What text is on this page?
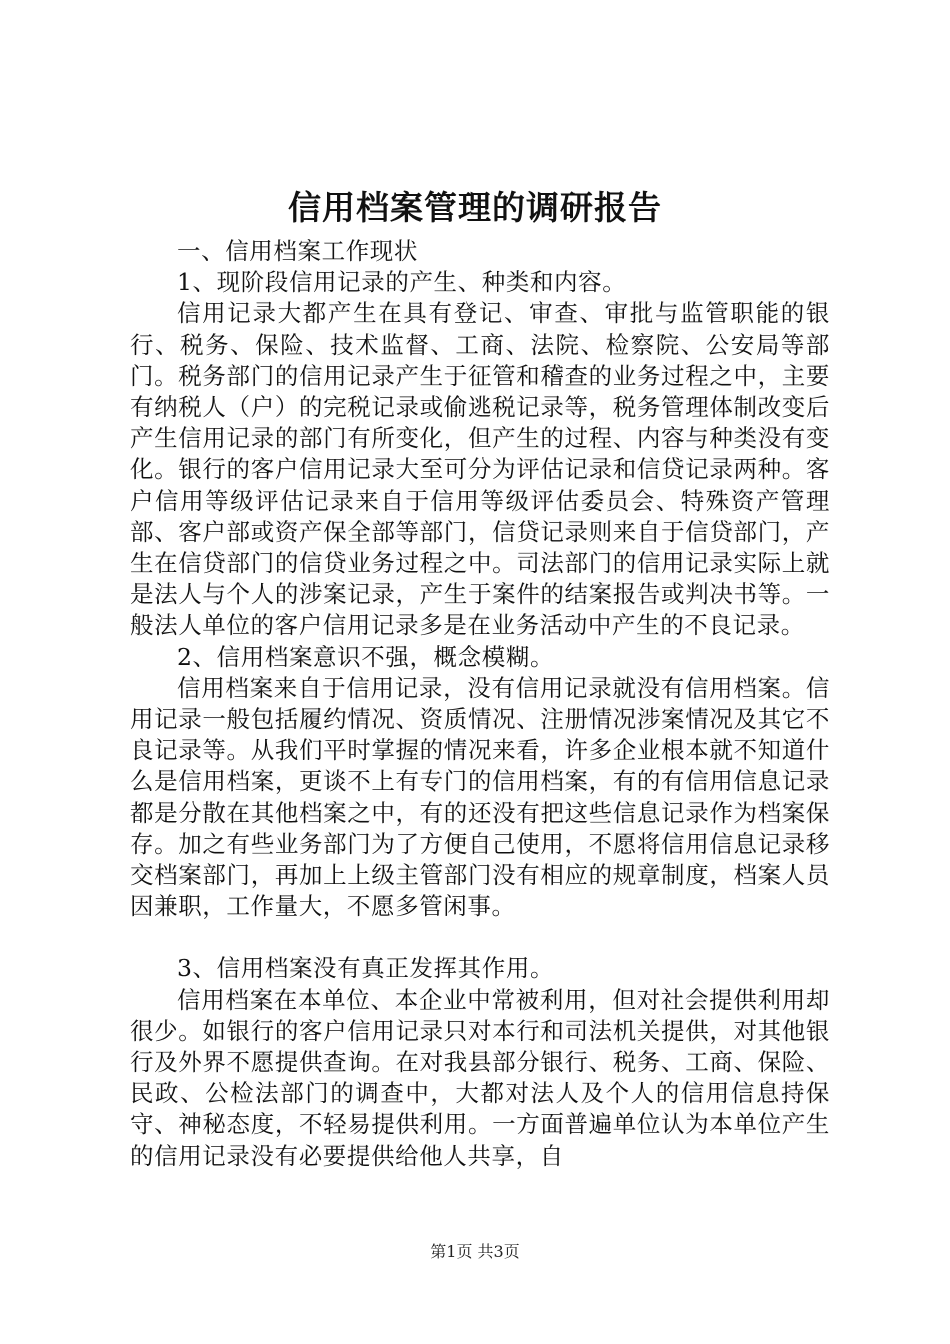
信用档案管理的调研报告

一、信用档案工作现状

1、现阶段信用记录的产生、种类和内容。

信用记录大都产生在具有登记、审查、审批与监管职能的银行、税务、保险、技术监督、工商、法院、检察院、公安局等部门。税务部门的信用记录产生于征管和稽查的业务过程之中，主要有纳税人（户）的完税记录或偷逃税记录等，税务管理体制改变后产生信用记录的部门有所变化，但产生的过程、内容与种类没有变化。银行的客户信用记录大至可分为评估记录和信贷记录两种。客户信用等级评估记录来自于信用等级评估委员会、特殊资产管理部、客户部或资产保全部等部门，信贷记录则来自于信贷部门，产生在信贷部门的信贷业务过程之中。司法部门的信用记录实际上就是法人与个人的涉案记录，产生于案件的结案报告或判决书等。一般法人单位的客户信用记录多是在业务活动中产生的不良记录。

2、信用档案意识不强，概念模糊。

信用档案来自于信用记录，没有信用记录就没有信用档案。信用记录一般包括履约情况、资质情况、注册情况涉案情况及其它不良记录等。从我们平时掌握的情况来看，许多企业根本就不知道什么是信用档案，更谈不上有专门的信用档案，有的有信用信息记录都是分散在其他档案之中，有的还没有把这些信息记录作为档案保存。加之有些业务部门为了方便自己使用，不愿将信用信息记录移交档案部门，再加上上级主管部门没有相应的规章制度，档案人员因兼职，工作量大，不愿多管闲事。

3、信用档案没有真正发挥其作用。

信用档案在本单位、本企业中常被利用，但对社会提供利用却很少。如银行的客户信用记录只对本行和司法机关提供，对其他银行及外界不愿提供查询。在对我县部分银行、税务、工商、保险、民政、公检法部门的调查中，大都对法人及个人的信用信息持保守、神秘态度，不轻易提供利用。一方面普遍单位认为本单位产生的信用记录没有必要提供给他人共享，自

第1页 共3页
